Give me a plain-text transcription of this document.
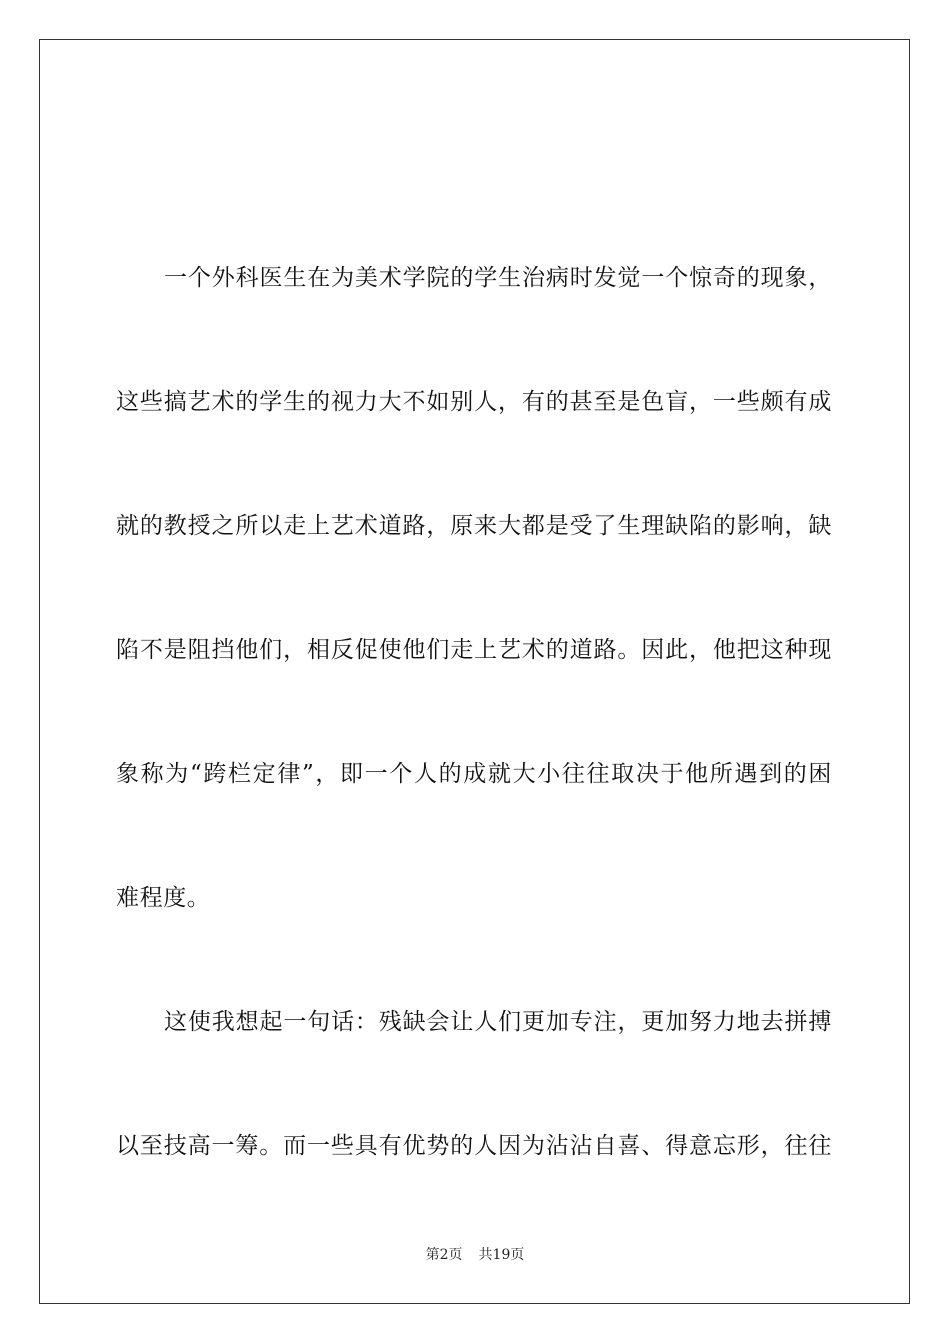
一个外科医生在为美术学院的学生治病时发觉一个惊奇的现象，
这些搞艺术的学生的视力大不如别人，有的甚至是色盲，一些颇有成
就的教授之所以走上艺术道路，原来大都是受了生理缺陷的影响，缺
陷不是阻挡他们，相反促使他们走上艺术的道路。因此，他把这种现
象称为“跨栏定律”，即一个人的成就大小往往取决于他所遇到的困
难程度。
这使我想起一句话：残缺会让人们更加专注，更加努力地去拼搏
以至技高一筹。而一些具有优势的人因为沾沾自喜、得意忘形，往往
第2页 共19页
